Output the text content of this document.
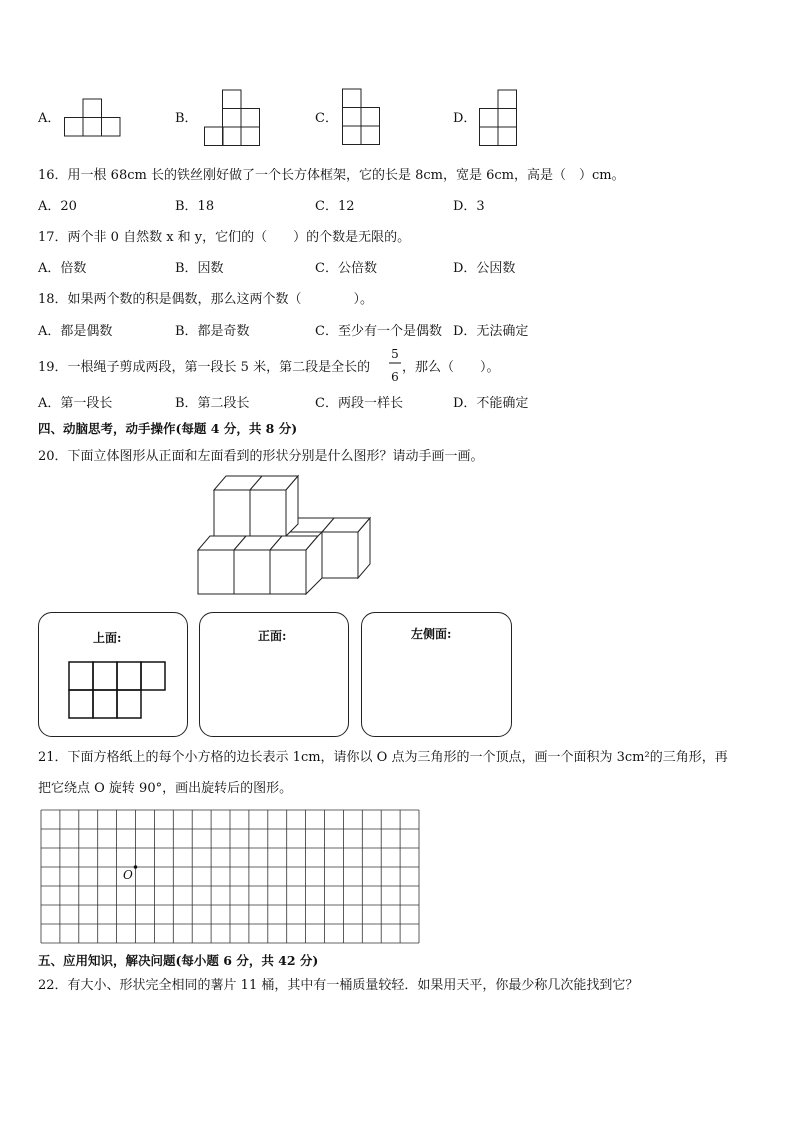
A．	B．	C．	D．
16．用一根 68cm 长的铁丝刚好做了一个长方体框架，它的长是 8cm，宽是 6cm，高是（　）cm。
A．20	B．18	C．12	D．3
17．两个非 0 自然数 x 和 y，它们的（　　）的个数是无限的。
A．倍数	B．因数	C．公倍数	D．公因数
18．如果两个数的积是偶数，那么这两个数（　　　　）。
A．都是偶数	B．都是奇数	C．至少有一个是偶数 D．无法确定
19．一根绳子剪成两段，第一段长 5 米，第二段是全长的
5
6
，那么（　　）。
A．第一段长	B．第二段长	C．两段一样长	D．不能确定
四、动脑思考，动手操作(每题 4 分，共 8 分)
20．下面立体图形从正面和左面看到的形状分别是什么图形？请动手画一画。
上面:	正面:	左侧面:
21．下面方格纸上的每个小方格的边长表示 1cm，请你以 O 点为三角形的一个顶点，画一个面积为 3cm²的三角形，再
把它绕点 O 旋转 90°，画出旋转后的图形。
O
五、应用知识，解决问题(每小题 6 分，共 42 分)
22．有大小、形状完全相同的薯片 11 桶，其中有一桶质量较轻．如果用天平，你最少称几次能找到它？
